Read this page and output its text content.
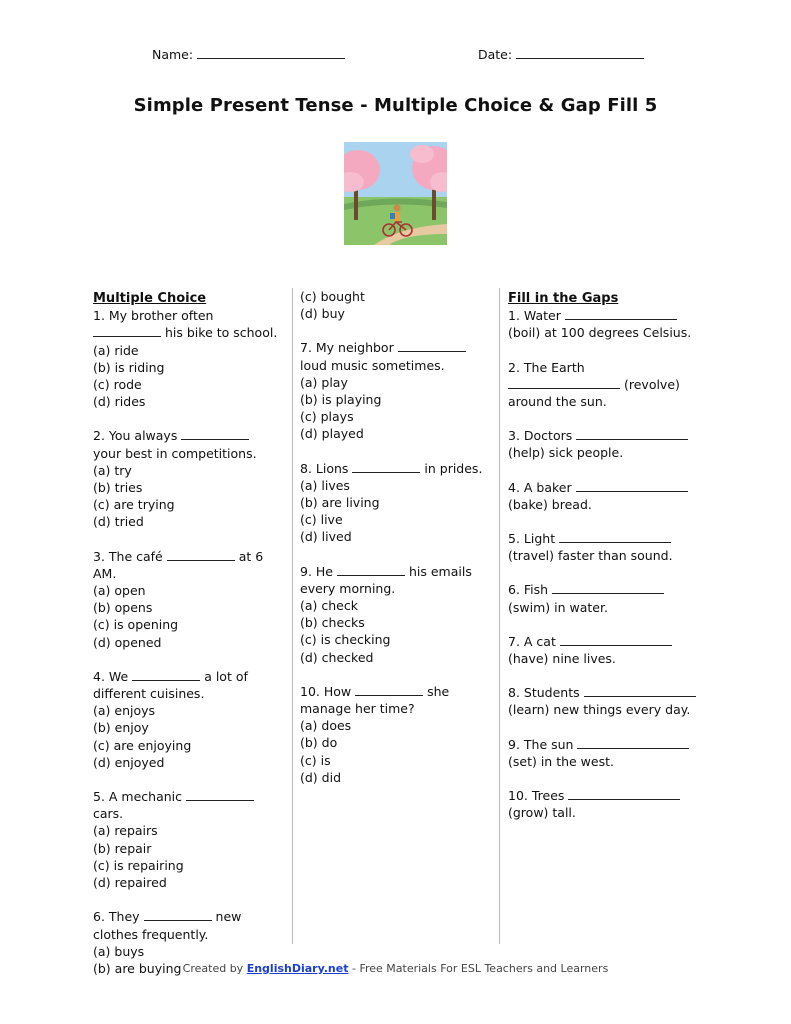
Name:	Date:
Simple Present Tense - Multiple Choice & Gap Fill 5
Multiple Choice

1. My brother often  his bike to school.

(a) ride

(b) is riding

(c) rode

(d) rides

2. You always  your best in competitions.

(a) try

(b) tries

(c) are trying

(d) tried

3. The café	at 6 AM.

(a) open

(b) opens

(c) is opening

(d) opened

4. We	a lot of different cuisines.

(a) enjoys

(b) enjoy

(c) are enjoying

(d) enjoyed

5. A mechanic  cars.

(a) repairs

(b) repair

(c) is repairing

(d) repaired

6. They	new clothes frequently.

(a) buys

(b) are buying

(c) bought

(d) buy

7. My neighbor  loud music sometimes.

(a) play

(b) is playing

(c) plays

(d) played

8. Lions	in prides.

(a) lives

(b) are living

(c) live

(d) lived

9. He	his emails every morning.

(a) check

(b) checks

(c) is checking

(d) checked

10. How	she manage her time?

(a) does

(b) do

(c) is

(d) did

Fill in the Gaps

1. Water  (boil) at 100 degrees Celsius.

2. The Earth  (revolve) around the sun.

3. Doctors  (help) sick people.

4. A baker  (bake) bread.

5. Light  (travel) faster than sound.

6. Fish  (swim) in water.

7. A cat  (have) nine lives.

8. Students  (learn) new things every day.

9. The sun  (set) in the west.

10. Trees  (grow) tall.

Created by EnglishDiary.net - Free Materials For ESL Teachers and Learners
